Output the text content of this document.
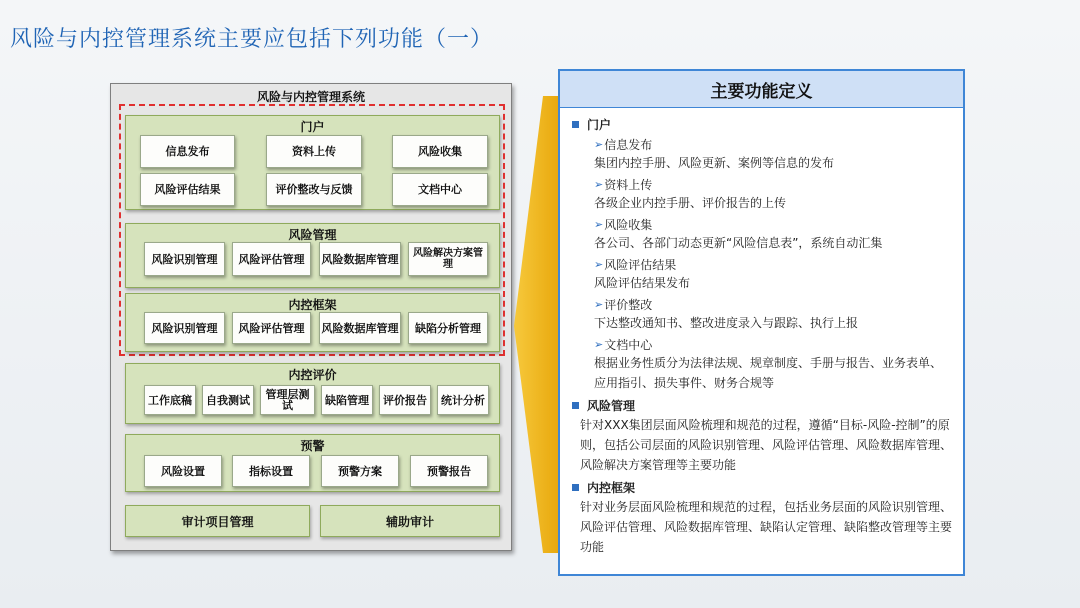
风险与内控管理系统主要应包括下列功能（一）
风险与内控管理系统
门户
信息发布	资料上传	风险收集
风险评估结果	评价整改与反馈	文档中心
风险管理
风险识别管理	风险评估管理	风险数据库管理	风险解决方案管理
内控框架
风险识别管理	风险评估管理	风险数据库管理	缺陷分析管理
内控评价
工作底稿	自我测试	管理层测试	缺陷管理	评价报告	统计分析
预警
风险设置	指标设置	预警方案	预警报告
审计项目管理	辅助审计
主要功能定义
门户
➢ 信息发布
集团内控手册、风险更新、案例等信息的发布
➢ 资料上传
各级企业内控手册、评价报告的上传
➢ 风险收集
各公司、各部门动态更新“风险信息表”，系统自动汇集
➢ 风险评估结果
风险评估结果发布
➢ 评价整改
下达整改通知书、整改进度录入与跟踪、执行上报
➢ 文档中心
根据业务性质分为法律法规、规章制度、手册与报告、业务表单、应用指引、损失事件、财务合规等
风险管理
针对XXX集团层面风险梳理和规范的过程，遵循“目标-风险-控制”的原则，包括公司层面的风险识别管理、风险评估管理、风险数据库管理、风险解决方案管理等主要功能
内控框架
针对业务层面风险梳理和规范的过程，包括业务层面的风险识别管理、风险评估管理、风险数据库管理、缺陷认定管理、缺陷整改管理等主要功能
